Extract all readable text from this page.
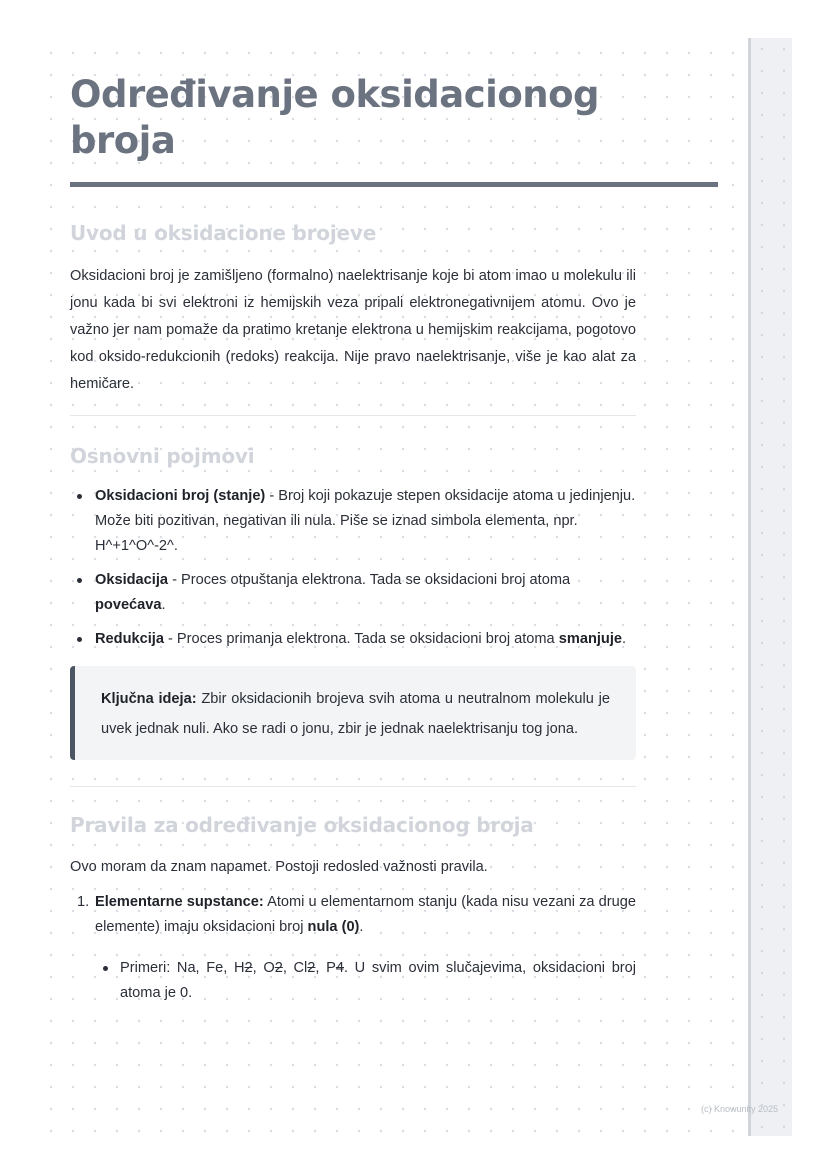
Određivanje oksidacionog broja
Uvod u oksidacione brojeve

Oksidacioni broj je zamišljeno (formalno) naelektrisanje koje bi atom imao u molekulu ili jonu kada bi svi elektroni iz hemijskih veza pripali elektronegativnijem atomu. Ovo je važno jer nam pomaže da pratimo kretanje elektrona u hemijskim reakcijama, pogotovo kod oksido-redukcionih (redoks) reakcija. Nije pravo naelektrisanje, više je kao alat za hemičare.

Osnovni pojmovi
Oksidacioni broj (stanje) - Broj koji pokazuje stepen oksidacije atoma u jedinjenju. Može biti pozitivan, negativan ili nula. Piše se iznad simbola elementa, npr. H^+1^O^-2^.
Oksidacija - Proces otpuštanja elektrona. Tada se oksidacioni broj atoma povećava.
Redukcija - Proces primanja elektrona. Tada se oksidacioni broj atoma smanjuje.
Ključna ideja: Zbir oksidacionih brojeva svih atoma u neutralnom molekulu je uvek jednak nuli. Ako se radi o jonu, zbir je jednak naelektrisanju tog jona.
Pravila za određivanje oksidacionog broja

Ovo moram da znam napamet. Postoji redosled važnosti pravila.

1. Elementarne supstance: Atomi u elementarnom stanju (kada nisu vezani za druge elemente) imaju oksidacioni broj nula (0).
Primeri: Na, Fe, H2, O2, Cl2, P4. U svim ovim slučajevima, oksidacioni broj atoma je 0.
(c) Knowunity 2025
